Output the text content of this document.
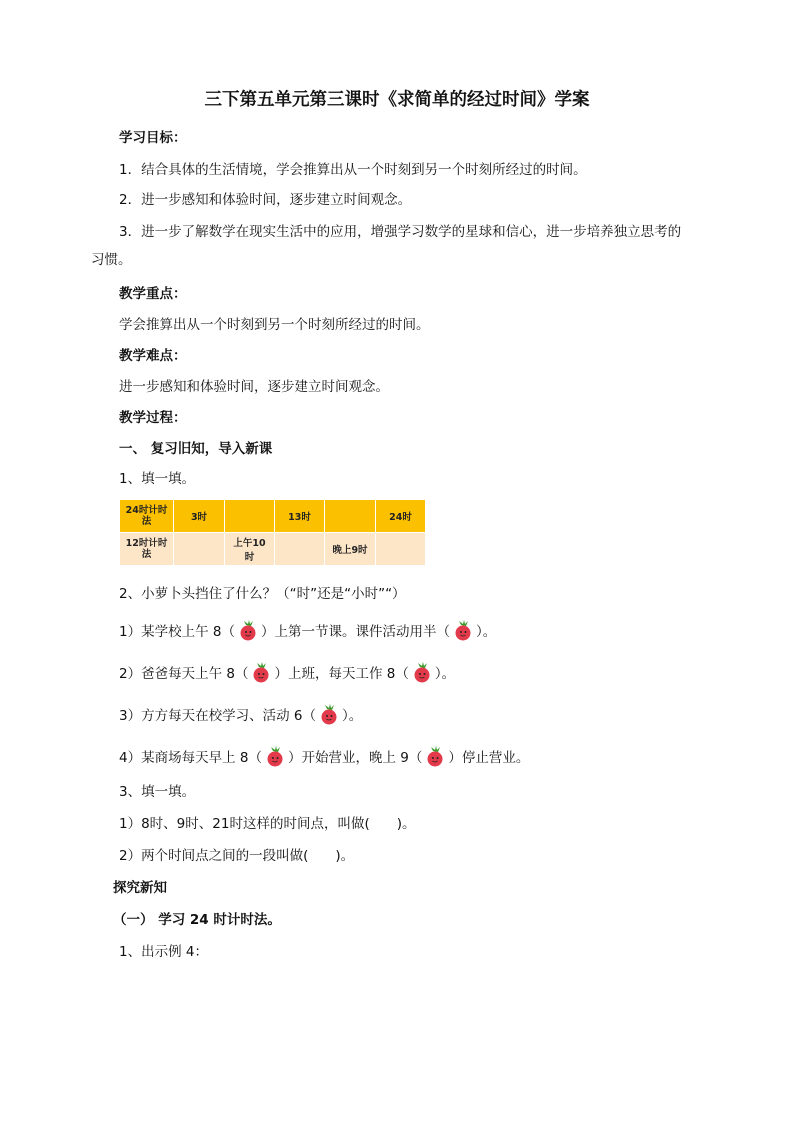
三下第五单元第三课时《求简单的经过时间》学案
学习目标：
1．结合具体的生活情境，学会推算出从一个时刻到另一个时刻所经过的时间。
2．进一步感知和体验时间，逐步建立时间观念。
3．进一步了解数学在现实生活中的应用，增强学习数学的星球和信心，进一步培养独立思考的
习惯。
教学重点：
学会推算出从一个时刻到另一个时刻所经过的时间。
教学难点：
进一步感知和体验时间，逐步建立时间观念。
教学过程：
一、 复习旧知，导入新课
1、填一填。
24时计时法	3时		13时		24时
12时计时法		上午10时		晚上9时	
2、小萝卜头挡住了什么？（“时”还是“小时”“）
1）某学校上午 8（ ）上第一节课。课件活动用半（ ）。
2）爸爸每天上午 8（ ）上班，每天工作 8（ ）。
3）方方每天在校学习、活动 6（ ）。
4）某商场每天早上 8（ ）开始营业，晚上 9（ ）停止营业。
3、填一填。
1）8时、9时、21时这样的时间点，叫做(　　)。
2）两个时间点之间的一段叫做(　　)。
探究新知
（一） 学习 24 时计时法。
1、出示例 4：
